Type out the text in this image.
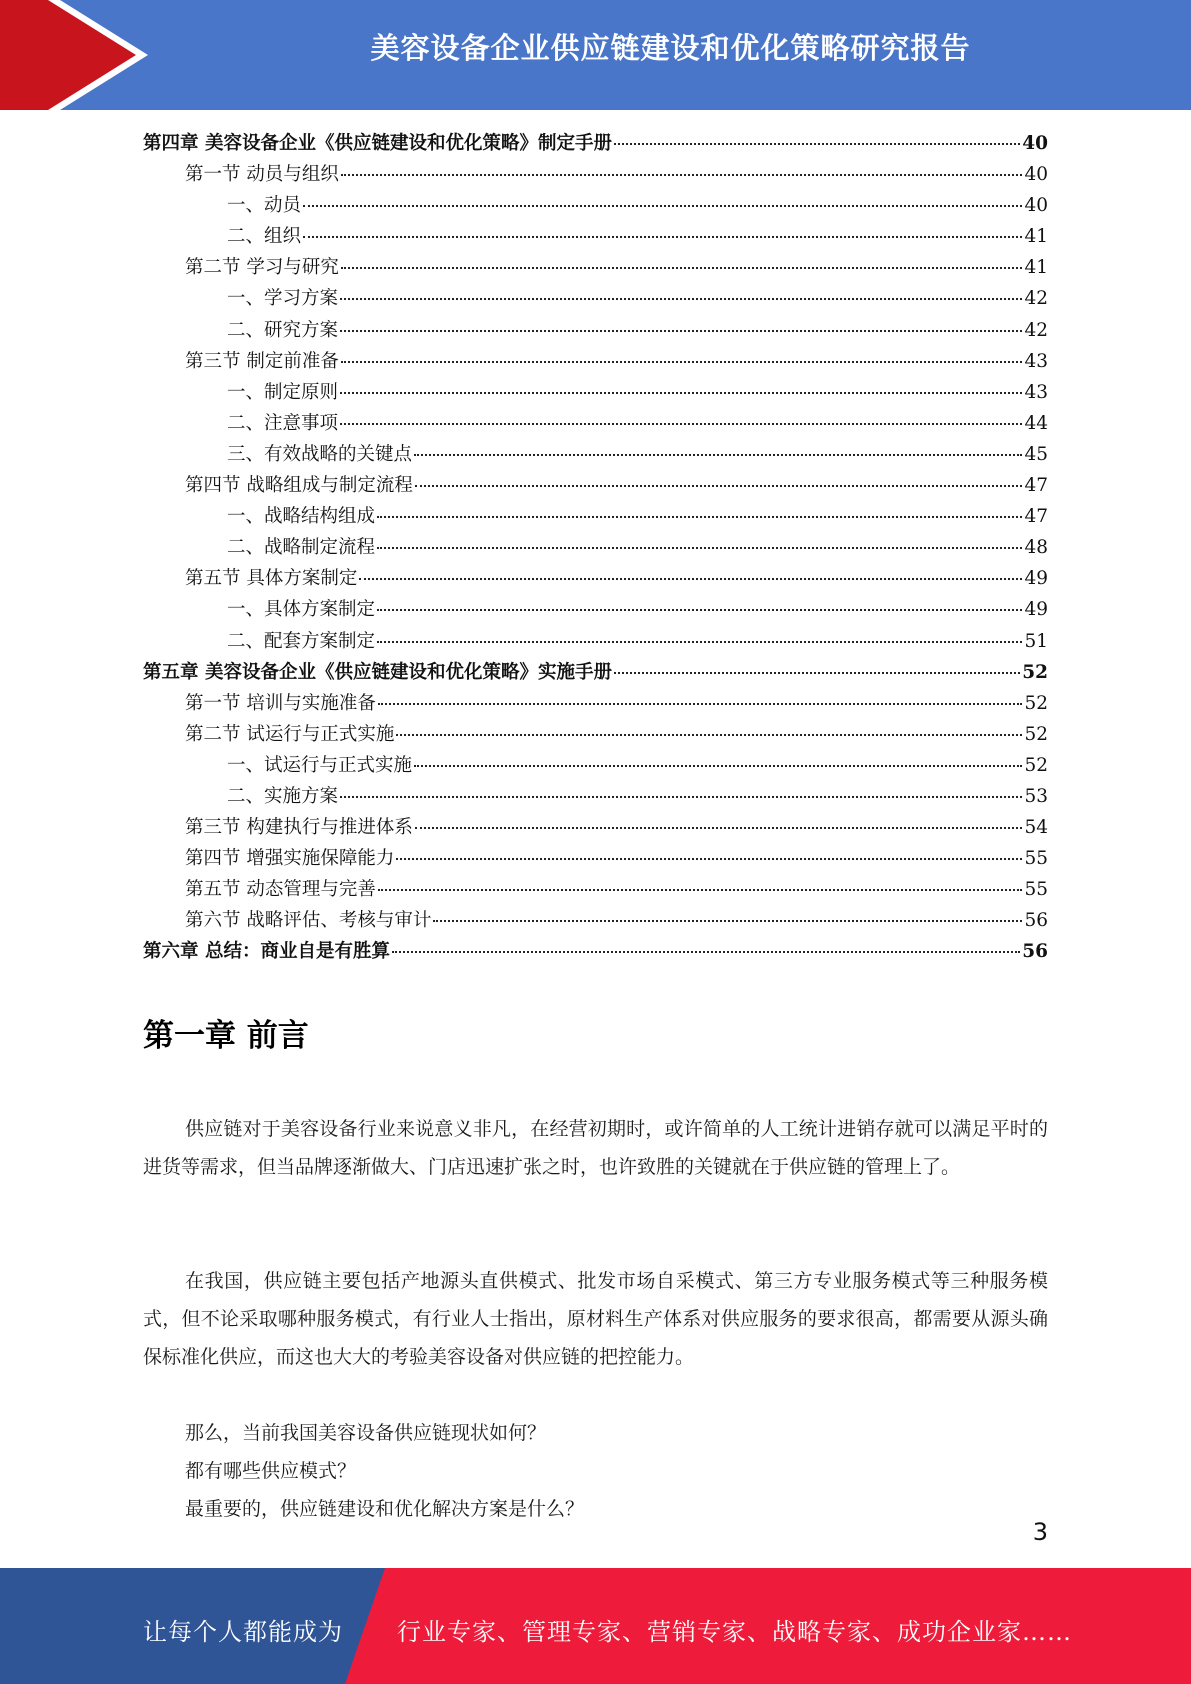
美容设备企业供应链建设和优化策略研究报告
第四章 美容设备企业《供应链建设和优化策略》制定手册	40
第一节 动员与组织	40
一、动员	40
二、组织	41
第二节 学习与研究	41
一、学习方案	42
二、研究方案	42
第三节 制定前准备	43
一、制定原则	43
二、注意事项	44
三、有效战略的关键点	45
第四节 战略组成与制定流程	47
一、战略结构组成	47
二、战略制定流程	48
第五节 具体方案制定	49
一、具体方案制定	49
二、配套方案制定	51
第五章 美容设备企业《供应链建设和优化策略》实施手册	52
第一节 培训与实施准备	52
第二节 试运行与正式实施	52
一、试运行与正式实施	52
二、实施方案	53
第三节 构建执行与推进体系	54
第四节 增强实施保障能力	55
第五节 动态管理与完善	55
第六节 战略评估、考核与审计	56
第六章 总结：商业自是有胜算	56
第一章 前言
供应链对于美容设备行业来说意义非凡，在经营初期时，或许简单的人工统计进销存就可以满足平时的进货等需求，但当品牌逐渐做大、门店迅速扩张之时，也许致胜的关键就在于供应链的管理上了。
在我国，供应链主要包括产地源头直供模式、批发市场自采模式、第三方专业服务模式等三种服务模式，但不论采取哪种服务模式，有行业人士指出，原材料生产体系对供应服务的要求很高，都需要从源头确保标准化供应，而这也大大的考验美容设备对供应链的把控能力。
那么，当前我国美容设备供应链现状如何？
都有哪些供应模式？
最重要的，供应链建设和优化解决方案是什么？
3
让每个人都能成为 行业专家、管理专家、营销专家、战略专家、成功企业家……
